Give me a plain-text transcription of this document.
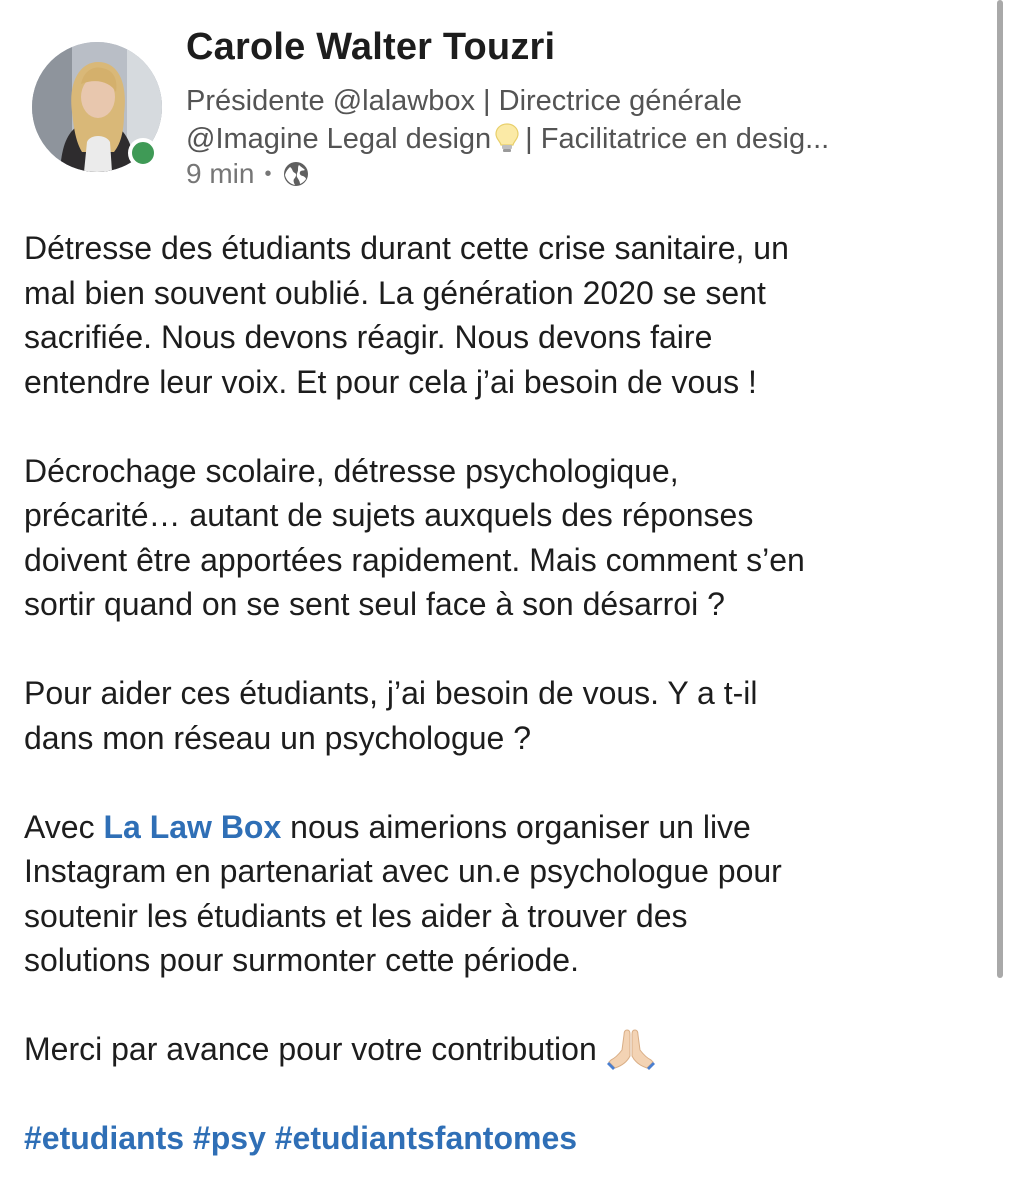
Carole Walter Touzri
Présidente @lalawbox | Directrice générale
@Imagine Legal design | Facilitatrice en desig...
9 min •
Détresse des étudiants durant cette crise sanitaire, un
mal bien souvent oublié. La génération 2020 se sent
sacrifiée. Nous devons réagir. Nous devons faire
entendre leur voix. Et pour cela j’ai besoin de vous !
Décrochage scolaire, détresse psychologique,
précarité… autant de sujets auxquels des réponses
doivent être apportées rapidement. Mais comment s’en
sortir quand on se sent seul face à son désarroi ?
Pour aider ces étudiants, j’ai besoin de vous. Y a t-il
dans mon réseau un psychologue ?
Avec La Law Box nous aimerions organiser un live
Instagram en partenariat avec un.e psychologue pour
soutenir les étudiants et les aider à trouver des
solutions pour surmonter cette période.
Merci par avance pour votre contribution
#etudiants #psy #etudiantsfantomes
